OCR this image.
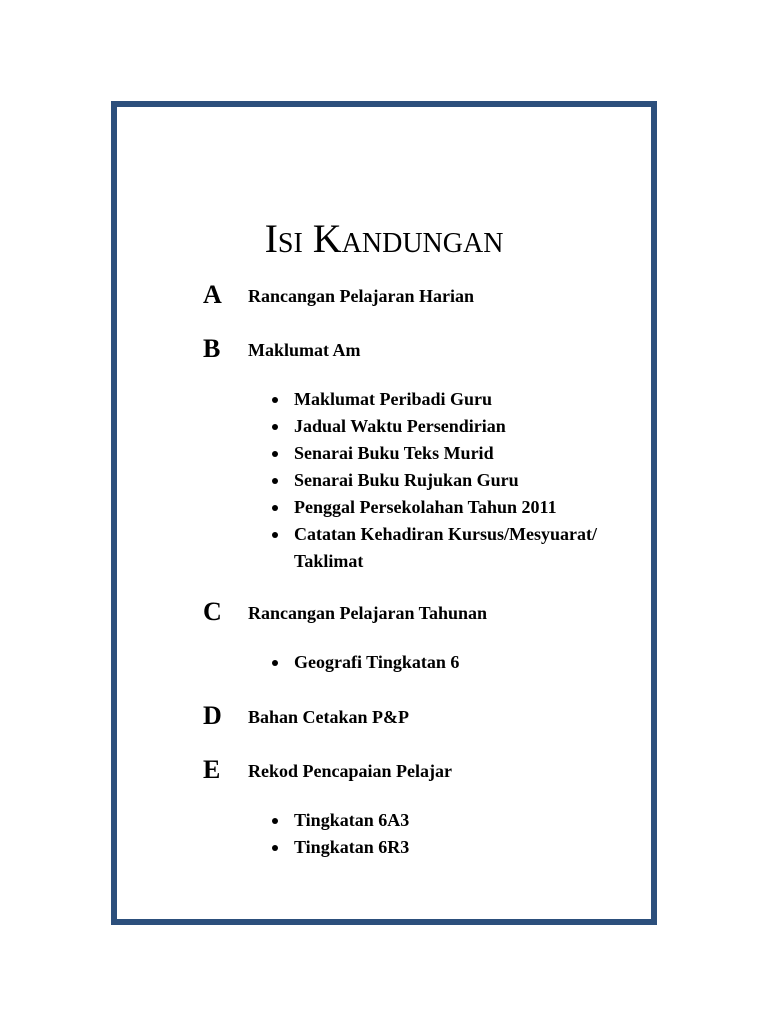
Isi Kandungan
A Rancangan Pelajaran Harian
B Maklumat Am
Maklumat Peribadi Guru
Jadual Waktu Persendirian
Senarai Buku Teks Murid
Senarai Buku Rujukan Guru
Penggal Persekolahan Tahun 2011
Catatan Kehadiran Kursus/Mesyuarat/
Taklimat
C Rancangan Pelajaran Tahunan
Geografi Tingkatan 6
D Bahan Cetakan P&P
E Rekod Pencapaian Pelajar
Tingkatan 6A3
Tingkatan 6R3
